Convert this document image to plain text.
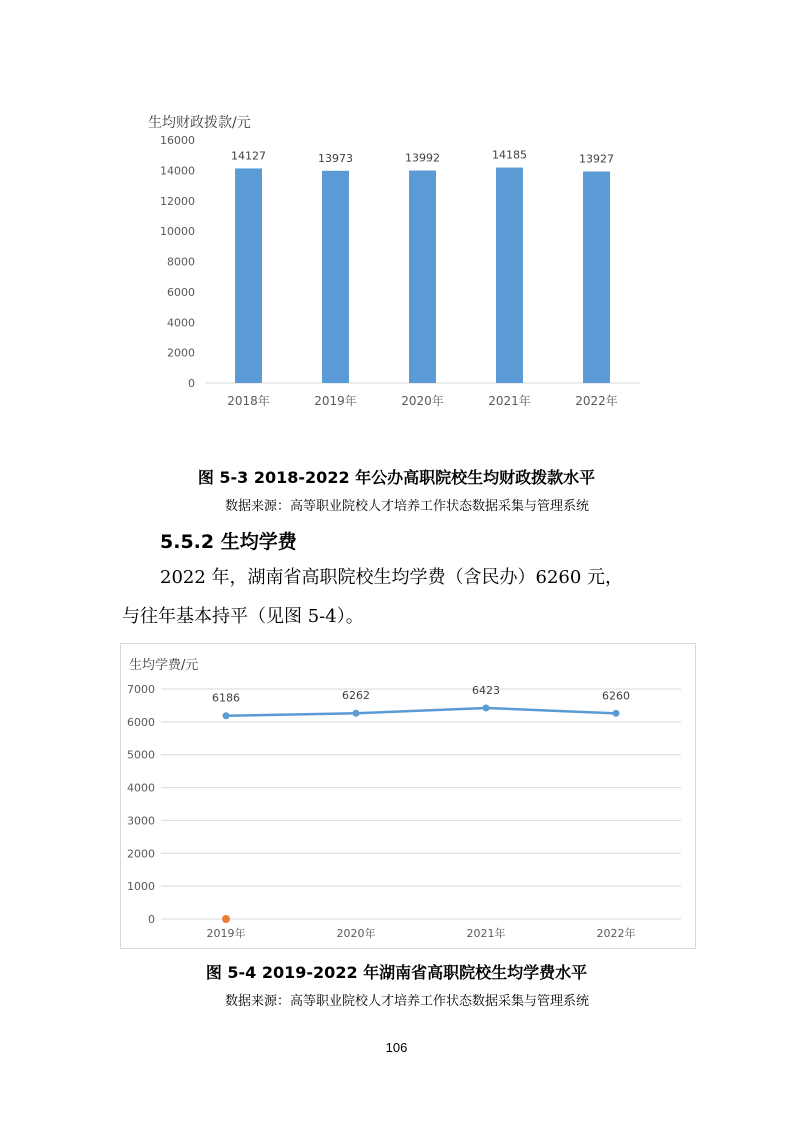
生均财政拨款/元
0
2000
4000
6000
8000
10000
12000
14000
16000
14127
2018年
13973
2019年
13992
2020年
14185
2021年
13927
2022年
图 5-3 2018-2022 年公办高职院校生均财政拨款水平
数据来源：高等职业院校人才培养工作状态数据采集与管理系统
5.5.2 生均学费
2022 年，湖南省高职院校生均学费（含民办）6260 元，
与往年基本持平（见图 5-4）。
生均学费/元
0
1000
2000
3000
4000
5000
6000
7000
2019年	2020年	2021年	2022年
6186	6262	6423	6260
图 5-4 2019-2022 年湖南省高职院校生均学费水平
数据来源：高等职业院校人才培养工作状态数据采集与管理系统
106
